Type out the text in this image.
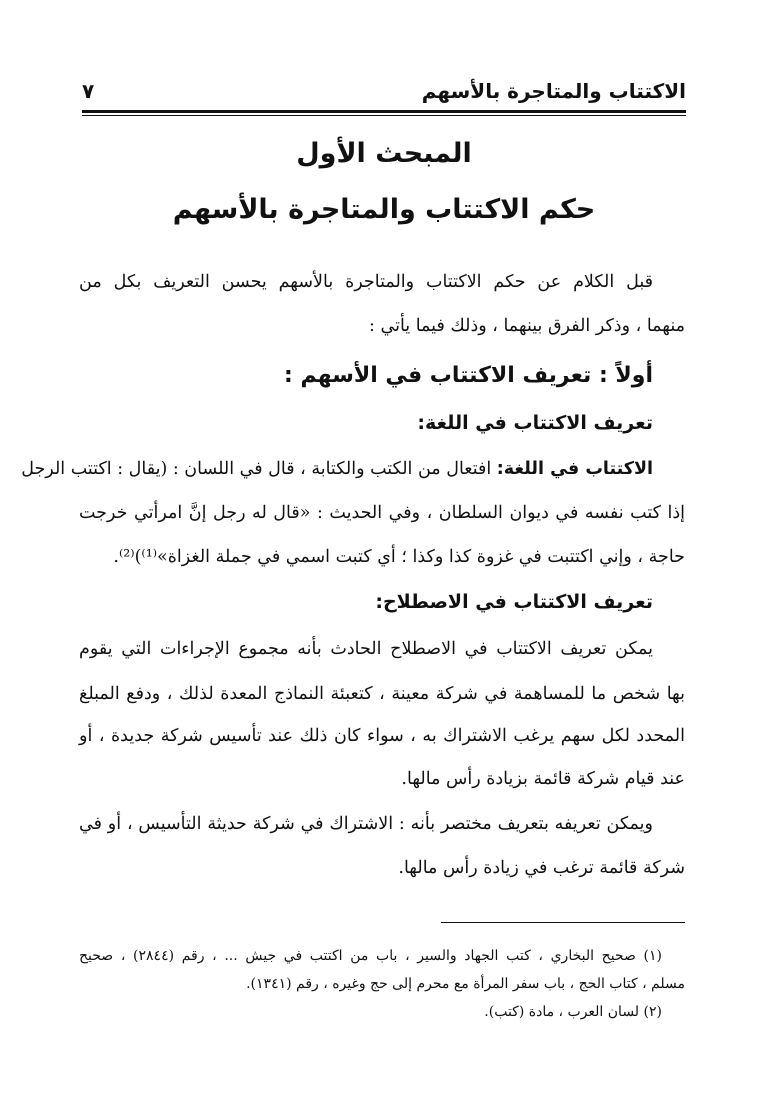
الاكتتاب والمتاجرة بالأسهم
٧
المبحث الأول
حكم الاكتتاب والمتاجرة بالأسهم
قبل الكلام عن حكم الاكتتاب والمتاجرة بالأسهم يحسن التعريف بكل من
منهما ، وذكر الفرق بينهما ، وذلك فيما يأتي :
أولاً : تعريف الاكتتاب في الأسهم :
تعريف الاكتتاب في اللغة:
الاكتتاب في اللغة: افتعال من الكتب والكتابة ، قال في اللسان : (يقال : اكتتب الرجل
إذا كتب نفسه في ديوان السلطان ، وفي الحديث : «قال له رجل إنَّ امرأتي خرجت
حاجة ، وإني اكتتبت في غزوة كذا وكذا ؛ أي كتبت اسمي في جملة الغزاة»⁽¹⁾)⁽²⁾.
تعريف الاكتتاب في الاصطلاح:
يمكن تعريف الاكتتاب في الاصطلاح الحادث بأنه مجموع الإجراءات التي يقوم
بها شخص ما للمساهمة في شركة معينة ، كتعبئة النماذج المعدة لذلك ، ودفع المبلغ
المحدد لكل سهم يرغب الاشتراك به ، سواء كان ذلك عند تأسيس شركة جديدة ، أو
عند قيام شركة قائمة بزيادة رأس مالها.
ويمكن تعريفه بتعريف مختصر بأنه : الاشتراك في شركة حديثة التأسيس ، أو في
شركة قائمة ترغب في زيادة رأس مالها.
(١) صحيح البخاري ، كتب الجهاد والسير ، باب من اكتتب في جيش ... ، رقم (٢٨٤٤) ، صحيح
مسلم ، كتاب الحج ، باب سفر المرأة مع محرم إلى حج وغيره ، رقم (١٣٤١).
(٢) لسان العرب ، مادة (كتب).
